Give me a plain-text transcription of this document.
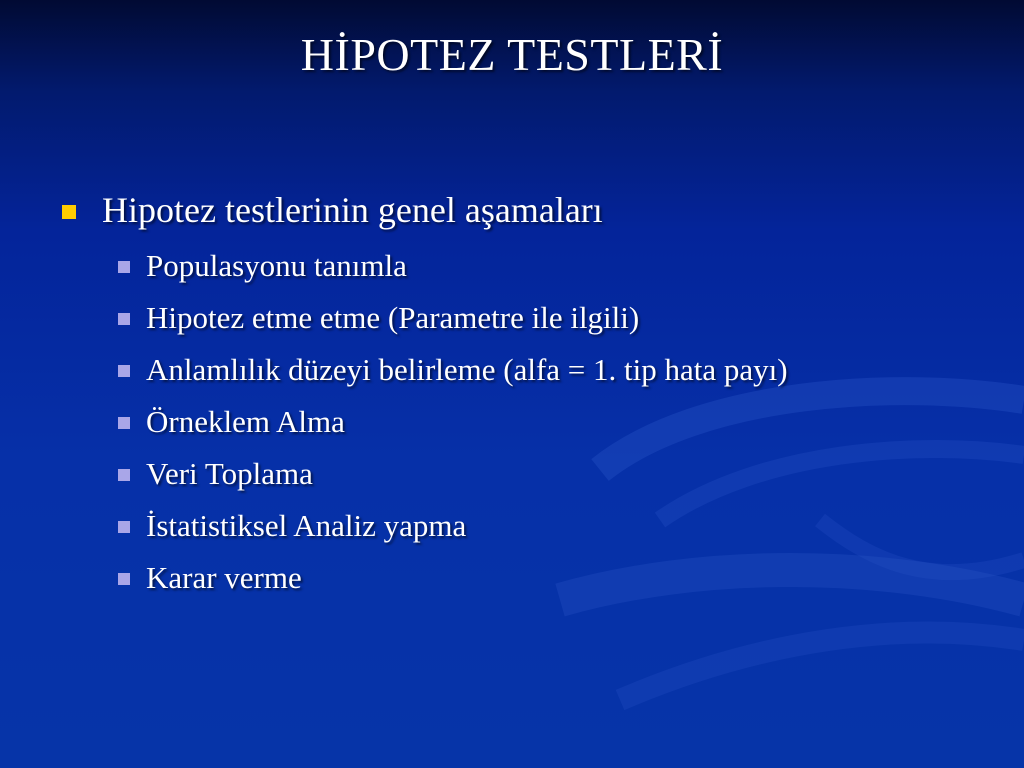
HİPOTEZ TESTLERİ
Hipotez testlerinin genel aşamaları
Populasyonu tanımla
Hipotez etme etme (Parametre ile ilgili)
Anlamlılık düzeyi belirleme (alfa = 1. tip hata payı)
Örneklem Alma
Veri Toplama
İstatistiksel Analiz yapma
Karar verme
